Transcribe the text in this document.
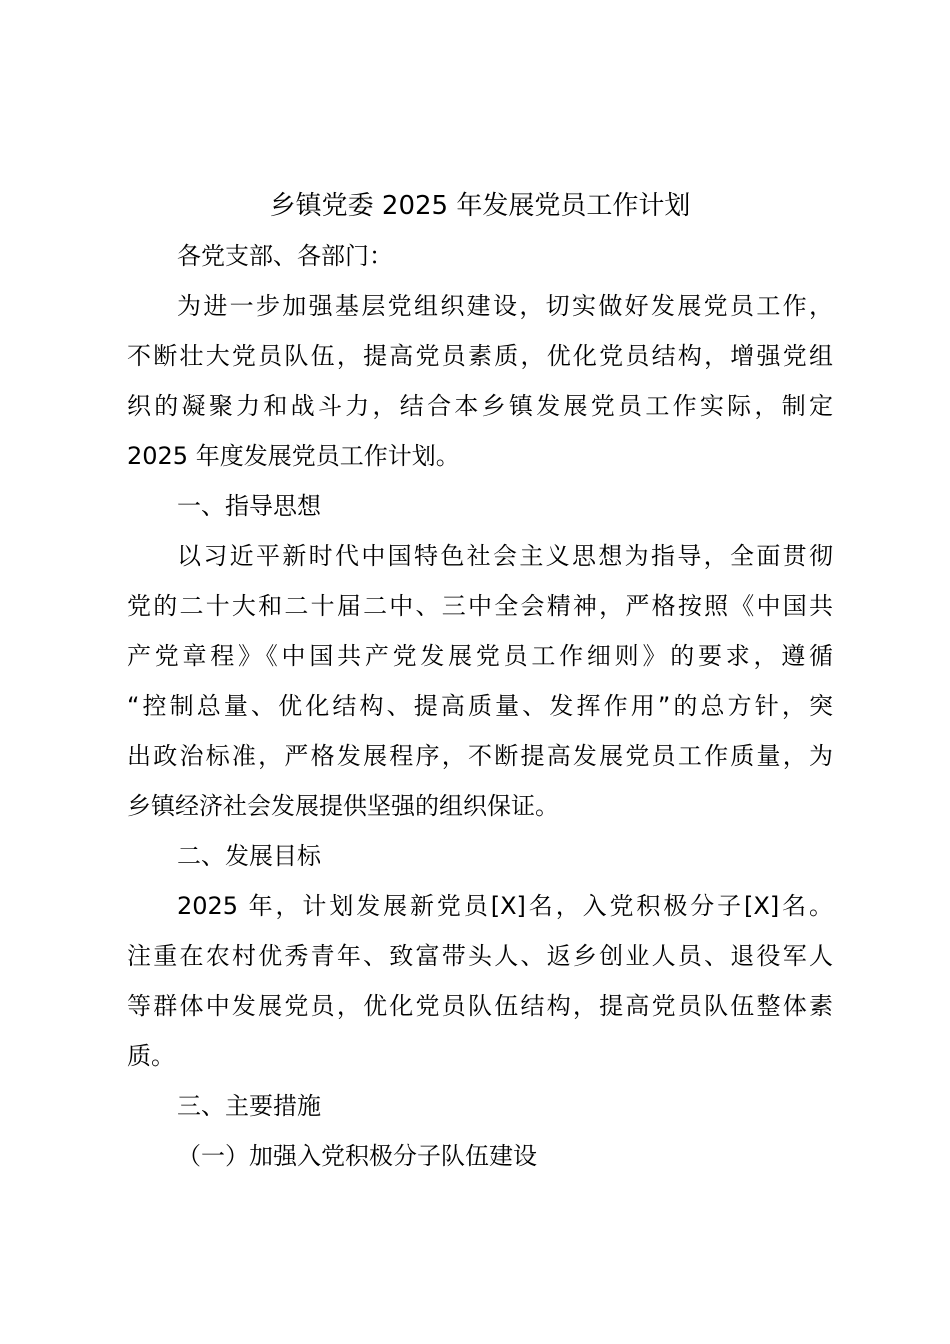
乡镇党委 2025 年发展党员工作计划

各党支部、各部门：

为进一步加强基层党组织建设，切实做好发展党员工作，

不断壮大党员队伍，提高党员素质，优化党员结构，增强党组

织的凝聚力和战斗力，结合本乡镇发展党员工作实际，制定

2025 年度发展党员工作计划。

一、指导思想

以习近平新时代中国特色社会主义思想为指导，全面贯彻

党的二十大和二十届二中、三中全会精神，严格按照《中国共

产党章程》《中国共产党发展党员工作细则》的要求，遵循

“控制总量、优化结构、提高质量、发挥作用”的总方针，突

出政治标准，严格发展程序，不断提高发展党员工作质量，为

乡镇经济社会发展提供坚强的组织保证。

二、发展目标

2025 年，计划发展新党员[X]名，入党积极分子[X]名。

注重在农村优秀青年、致富带头人、返乡创业人员、退役军人

等群体中发展党员，优化党员队伍结构，提高党员队伍整体素

质。

三、主要措施

（一）加强入党积极分子队伍建设
